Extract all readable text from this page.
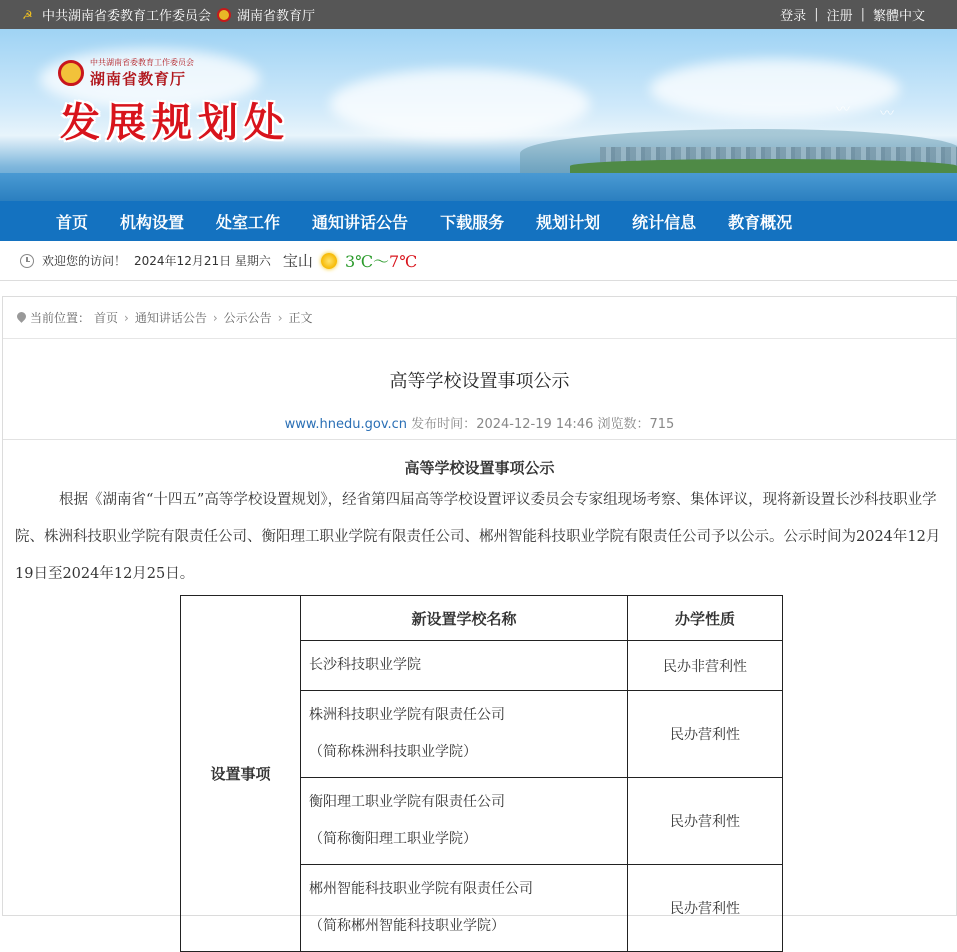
☭ 中共湖南省委教育工作委员会 湖南省教育厅	登录 | 注册 | 繁體中文
〰 〰
中共湖南省委教育工作委员会
湖南省教育厅
发展规划处
首页	机构设置	处室工作	通知讲话公告	下载服务	规划计划	统计信息	教育概况
欢迎您的访问！ 2024年12月21日 星期六 宝山 3℃～7℃
当前位置： 首页 › 通知讲话公告 › 公示公告 › 正文
高等学校设置事项公示
www.hnedu.gov.cn 发布时间：2024-12-19 14:46 浏览数：715
高等学校设置事项公示

根据《湖南省“十四五”高等学校设置规划》，经省第四届高等学校设置评议委员会专家组现场考察、集体评议，现将新设置长沙科技职业学院、株洲科技职业学院有限责任公司、衡阳理工职业学院有限责任公司、郴州智能科技职业学院有限责任公司予以公示。公示时间为2024年12月19日至2024年12月25日。

设置事项	新设置学校名称	办学性质

	长沙科技职业学院	民办非营利性

	株洲科技职业学院有限责任公司
（简称株洲科技职业学院）	民办营利性

	衡阳理工职业学院有限责任公司
（简称衡阳理工职业学院）	民办营利性

	郴州智能科技职业学院有限责任公司
（简称郴州智能科技职业学院）	民办营利性
